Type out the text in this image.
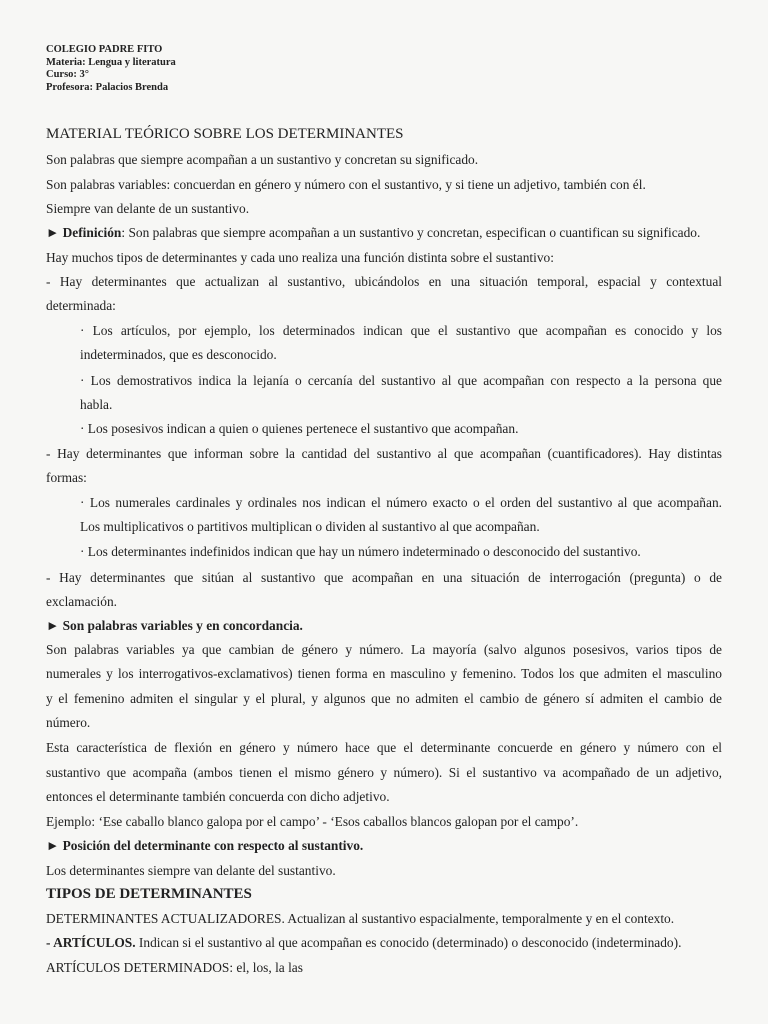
COLEGIO PADRE FITO
Materia: Lengua y literatura
Curso: 3°
Profesora: Palacios Brenda
MATERIAL TEÓRICO SOBRE LOS DETERMINANTES
Son palabras que siempre acompañan a un sustantivo y concretan su significado.
Son palabras variables: concuerdan en género y número con el sustantivo, y si tiene un adjetivo, también con él.
Siempre van delante de un sustantivo.
► Definición: Son palabras que siempre acompañan a un sustantivo y concretan, especifican o cuantifican su significado.
Hay muchos tipos de determinantes y cada uno realiza una función distinta sobre el sustantivo:
- Hay determinantes que actualizan al sustantivo, ubicándolos en una situación temporal, espacial y contextual
determinada:
· Los artículos, por ejemplo, los determinados indican que el sustantivo que acompañan es conocido y los
indeterminados, que es desconocido.
· Los demostrativos indica la lejanía o cercanía del sustantivo al que acompañan con respecto a la persona que
habla.
· Los posesivos indican a quien o quienes pertenece el sustantivo que acompañan.
- Hay determinantes que informan sobre la cantidad del sustantivo al que acompañan (cuantificadores). Hay distintas
formas:
· Los numerales cardinales y ordinales nos indican el número exacto o el orden del sustantivo al que acompañan.
Los multiplicativos o partitivos multiplican o dividen al sustantivo al que acompañan.
· Los determinantes indefinidos indican que hay un número indeterminado o desconocido del sustantivo.
- Hay determinantes que sitúan al sustantivo que acompañan en una situación de interrogación (pregunta) o de
exclamación.
► Son palabras variables y en concordancia.
Son palabras variables ya que cambian de género y número. La mayoría (salvo algunos posesivos, varios tipos de
numerales y los interrogativos-exclamativos) tienen forma en masculino y femenino. Todos los que admiten el masculino
y el femenino admiten el singular y el plural, y algunos que no admiten el cambio de género sí admiten el cambio de
número.
Esta característica de flexión en género y número hace que el determinante concuerde en género y número con el
sustantivo que acompaña (ambos tienen el mismo género y número). Si el sustantivo va acompañado de un adjetivo,
entonces el determinante también concuerda con dicho adjetivo.
Ejemplo: ‘Ese caballo blanco galopa por el campo’ - ‘Esos caballos blancos galopan por el campo’.
► Posición del determinante con respecto al sustantivo.
Los determinantes siempre van delante del sustantivo.
TIPOS DE DETERMINANTES
DETERMINANTES ACTUALIZADORES. Actualizan al sustantivo espacialmente, temporalmente y en el contexto.
- ARTÍCULOS. Indican si el sustantivo al que acompañan es conocido (determinado) o desconocido (indeterminado).
ARTÍCULOS DETERMINADOS: el, los, la las
